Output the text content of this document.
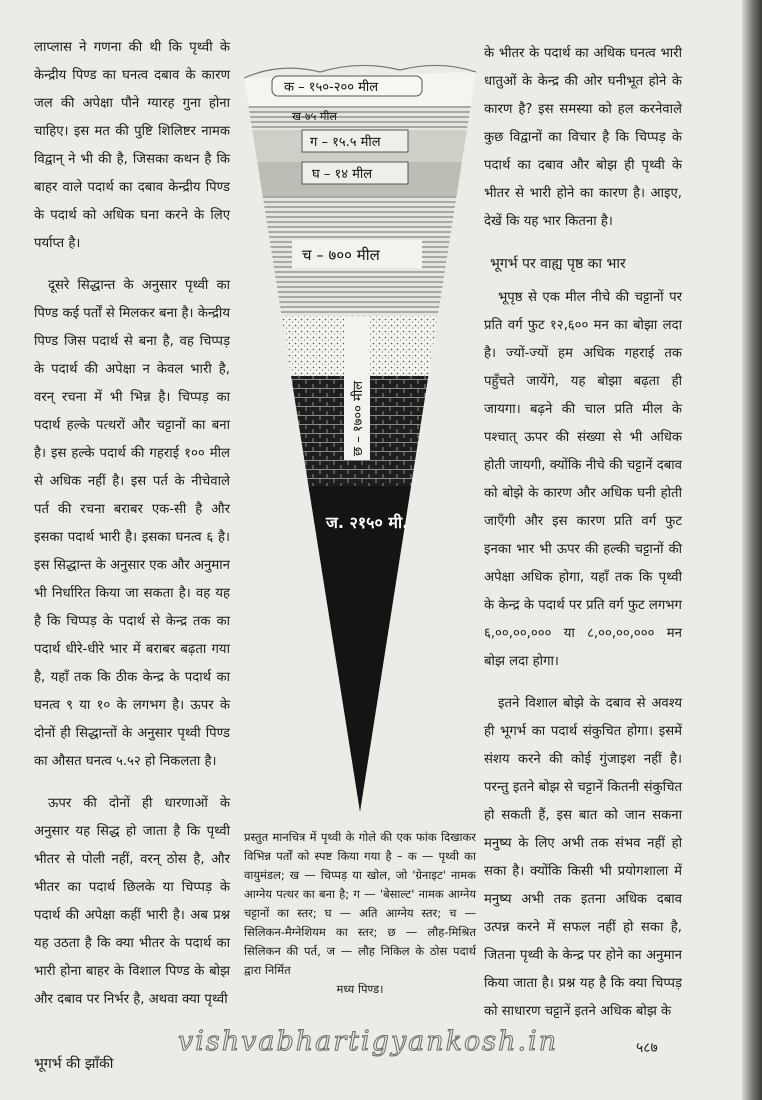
लाप्लास ने गणना की थी कि पृथ्वी के केन्द्रीय पिण्ड का घनत्व दबाव के कारण जल की अपेक्षा पौने ग्यारह गुना होना चाहिए। इस मत की पुष्टि शिलिष्टर नामक विद्वान् ने भी की है, जिसका कथन है कि बाहर वाले पदार्थ का दबाव केन्द्रीय पिण्ड के पदार्थ को अधिक घना करने के लिए पर्याप्त है।

दूसरे सिद्धान्त के अनुसार पृथ्वी का पिण्ड कई पर्तों से मिलकर बना है। केन्द्रीय पिण्ड जिस पदार्थ से बना है, वह चिप्पड़ के पदार्थ की अपेक्षा न केवल भारी है, वरन् रचना में भी भिन्न है। चिप्पड़ का पदार्थ हल्के पत्थरों और चट्टानों का बना है। इस हल्के पदार्थ की गहराई १०० मील से अधिक नहीं है। इस पर्त के नीचेवाले पर्त की रचना बराबर एक-सी है और इसका पदार्थ भारी है। इसका घनत्व ६ है। इस सिद्धान्त के अनुसार एक और अनुमान भी निर्धारित किया जा सकता है। वह यह है कि चिप्पड़ के पदार्थ से केन्द्र तक का पदार्थ धीरे-धीरे भार में बराबर बढ़ता गया है, यहाँ तक कि ठीक केन्द्र के पदार्थ का घनत्व ९ या १० के लगभग है। ऊपर के दोनों ही सिद्धान्तों के अनुसार पृथ्वी पिण्ड का औसत घनत्व ५.५२ हो निकलता है।

ऊपर की दोनों ही धारणाओं के अनुसार यह सिद्ध हो जाता है कि पृथ्वी भीतर से पोली नहीं, वरन् ठोस है, और भीतर का पदार्थ छिलके या चिप्पड़ के पदार्थ की अपेक्षा कहीं भारी है। अब प्रश्न यह उठता है कि क्या भीतर के पदार्थ का भारी होना बाहर के विशाल पिण्ड के बोझ और दबाव पर निर्भर है, अथवा क्या पृथ्वी

क – १५०-२०० मील
ख-७५ मील
ग – १५.५ मील
घ – १४ मील
च – ७०० मील
छ – १७०० मील
ज. २१५० मी.
प्रस्तुत मानचित्र में पृथ्वी के गोले की एक फांक दिखाकर विभिन्न पर्तों को स्पष्ट किया गया है – क — पृथ्वी का वायुमंडल; ख — चिप्पड़ या खोल, जो 'ग्रेनाइट' नामक आग्नेय पत्थर का बना है; ग — 'बेसाल्ट' नामक आग्नेय चट्टानों का स्तर; घ — अति आग्नेय स्तर; च — सिलिकन-मैग्नेशियम का स्तर; छ — लौह-मिश्रित सिलिकन की पर्त, ज — लौह निकिल के ठोस पदार्थ द्वारा निर्मित
मध्य पिण्ड।

के भीतर के पदार्थ का अधिक घनत्व भारी धातुओं के केन्द्र की ओर घनीभूत होने के कारण है? इस समस्या को हल करनेवाले कुछ विद्वानों का विचार है कि चिप्पड़ के पदार्थ का दबाव और बोझ ही पृथ्वी के भीतर से भारी होने का कारण है। आइए, देखें कि यह भार कितना है।

भूगर्भ पर वाह्य पृष्ठ का भार

भूपृष्ठ से एक मील नीचे की चट्टानों पर प्रति वर्ग फुट १२,६०० मन का बोझा लदा है। ज्यों-ज्यों हम अधिक गहराई तक पहुँचते जायेंगे, यह बोझा बढ़ता ही जायगा। बढ़ने की चाल प्रति मील के पश्चात् ऊपर की संख्या से भी अधिक होती जायगी, क्योंकि नीचे की चट्टानें दबाव को बोझे के कारण और अधिक घनी होती जाएँगी और इस कारण प्रति वर्ग फुट इनका भार भी ऊपर की हल्की चट्टानों की अपेक्षा अधिक होगा, यहाँ तक कि पृथ्वी के केन्द्र के पदार्थ पर प्रति वर्ग फुट लगभग ६,००,००,००० या ८,००,००,००० मन बोझ लदा होगा।

इतने विशाल बोझे के दबाव से अवश्य ही भूगर्भ का पदार्थ संकुचित होगा। इसमें संशय करने की कोई गुंजाइश नहीं है। परन्तु इतने बोझ से चट्टानें कितनी संकुचित हो सकती हैं, इस बात को जान सकना मनुष्य के लिए अभी तक संभव नहीं हो सका है। क्योंकि किसी भी प्रयोगशाला में मनुष्य अभी तक इतना अधिक दबाव उत्पन्न करने में सफल नहीं हो सका है, जितना पृथ्वी के केन्द्र पर होने का अनुमान किया जाता है। प्रश्न यह है कि क्या चिप्पड़ को साधारण चट्टानें इतने अधिक बोझ के

vishvabhartigyankosh.in
भूगर्भ की झाँकी
५८७
